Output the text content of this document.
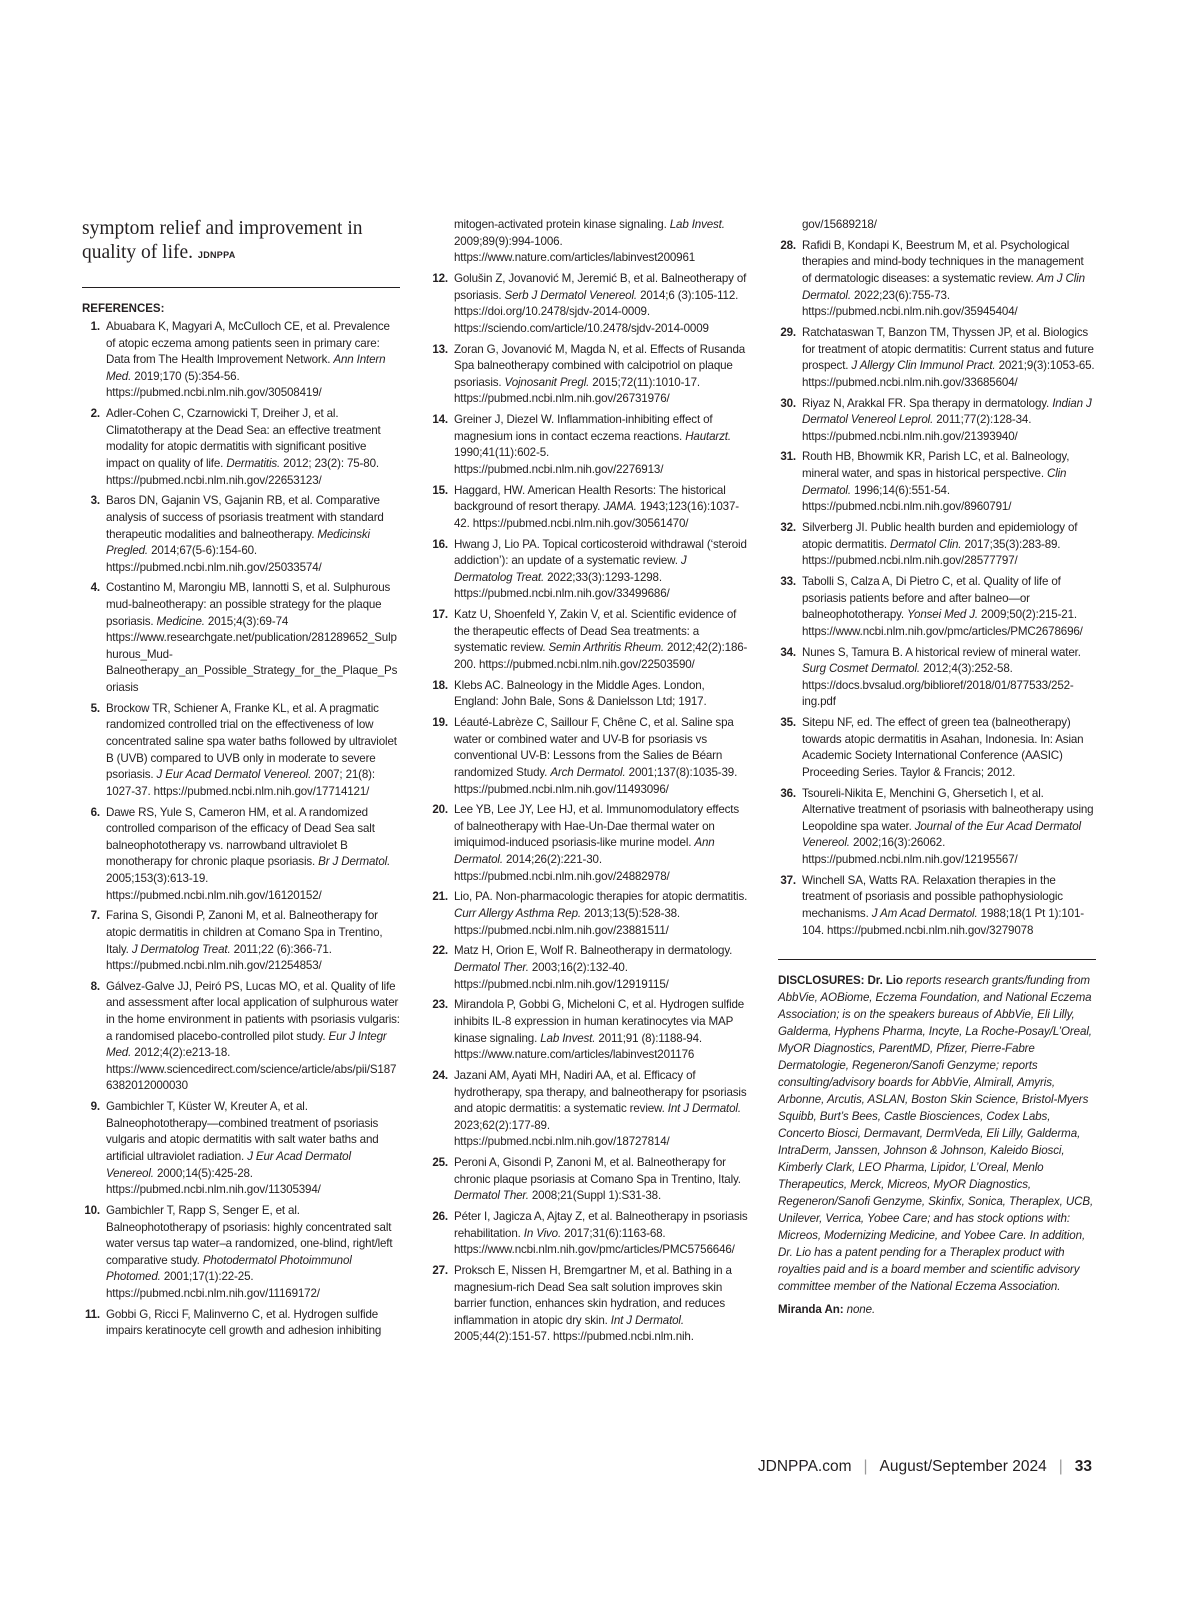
symptom relief and improvement in quality of life. JDNPPA

REFERENCES:
1. Abuabara K, Magyari A, McCulloch CE, et al. Prevalence of atopic eczema among patients seen in primary care: Data from The Health Improvement Network. Ann Intern Med. 2019;170 (5):354-56. https://pubmed.ncbi.nlm.nih.gov/30508419/
2. Adler-Cohen C, Czarnowicki T, Dreiher J, et al. Climatotherapy at the Dead Sea: an effective treatment modality for atopic dermatitis with significant positive impact on quality of life. Dermatitis. 2012; 23(2): 75-80. https://pubmed.ncbi.nlm.nih.gov/22653123/
3. Baros DN, Gajanin VS, Gajanin RB, et al. Comparative analysis of success of psoriasis treatment with standard therapeutic modalities and balneotherapy. Medicinski Pregled. 2014;67(5-6):154-60. https://pubmed.ncbi.nlm.nih.gov/25033574/
4. Costantino M, Marongiu MB, Iannotti S, et al. Sulphurous mud-balneotherapy: an possible strategy for the plaque psoriasis. Medicine. 2015;4(3):69-74 https://www.researchgate.net/publication/281289652_Sulphurous_Mud-Balneotherapy_an_Possible_Strategy_for_the_Plaque_Psoriasis
5. Brockow TR, Schiener A, Franke KL, et al. A pragmatic randomized controlled trial on the effectiveness of low concentrated saline spa water baths followed by ultraviolet B (UVB) compared to UVB only in moderate to severe psoriasis. J Eur Acad Dermatol Venereol. 2007; 21(8): 1027-37. https://pubmed.ncbi.nlm.nih.gov/17714121/
6. Dawe RS, Yule S, Cameron HM, et al. A randomized controlled comparison of the efficacy of Dead Sea salt balneophototherapy vs. narrowband ultraviolet B monotherapy for chronic plaque psoriasis. Br J Dermatol. 2005;153(3):613-19. https://pubmed.ncbi.nlm.nih.gov/16120152/
7. Farina S, Gisondi P, Zanoni M, et al. Balneotherapy for atopic dermatitis in children at Comano Spa in Trentino, Italy. J Dermatolog Treat. 2011;22 (6):366-71. https://pubmed.ncbi.nlm.nih.gov/21254853/
8. Gálvez-Galve JJ, Peiró PS, Lucas MO, et al. Quality of life and assessment after local application of sulphurous water in the home environment in patients with psoriasis vulgaris: a randomised placebo-controlled pilot study. Eur J Integr Med. 2012;4(2):e213-18. https://www.sciencedirect.com/science/article/abs/pii/S1876382012000030
9. Gambichler T, Küster W, Kreuter A, et al. Balneophototherapy—combined treatment of psoriasis vulgaris and atopic dermatitis with salt water baths and artificial ultraviolet radiation. J Eur Acad Dermatol Venereol. 2000;14(5):425-28. https://pubmed.ncbi.nlm.nih.gov/11305394/
10. Gambichler T, Rapp S, Senger E, et al. Balneophototherapy of psoriasis: highly concentrated salt water versus tap water–a randomized, one-blind, right/left comparative study. Photodermatol Photoimmunol Photomed. 2001;17(1):22-25. https://pubmed.ncbi.nlm.nih.gov/11169172/
11. Gobbi G, Ricci F, Malinverno C, et al. Hydrogen sulfide impairs keratinocyte cell growth and adhesion inhibiting
mitogen-activated protein kinase signaling. Lab Invest. 2009;89(9):994-1006. https://www.nature.com/articles/labinvest200961
12. Golušin Z, Jovanović M, Jeremić B, et al. Balneotherapy of psoriasis. Serb J Dermatol Venereol. 2014;6 (3):105-112. https://doi.org/10.2478/sjdv-2014-0009. https://sciendo.com/article/10.2478/sjdv-2014-0009
13. Zoran G, Jovanović M, Magda N, et al. Effects of Rusanda Spa balneotherapy combined with calcipotriol on plaque psoriasis. Vojnosanit Pregl. 2015;72(11):1010-17. https://pubmed.ncbi.nlm.nih.gov/26731976/
14. Greiner J, Diezel W. Inflammation-inhibiting effect of magnesium ions in contact eczema reactions. Hautarzt. 1990;41(11):602-5. https://pubmed.ncbi.nlm.nih.gov/2276913/
15. Haggard, HW. American Health Resorts: The historical background of resort therapy. JAMA. 1943;123(16):1037-42. https://pubmed.ncbi.nlm.nih.gov/30561470/
16. Hwang J, Lio PA. Topical corticosteroid withdrawal (‘steroid addiction’): an update of a systematic review. J Dermatolog Treat. 2022;33(3):1293-1298. https://pubmed.ncbi.nlm.nih.gov/33499686/
17. Katz U, Shoenfeld Y, Zakin V, et al. Scientific evidence of the therapeutic effects of Dead Sea treatments: a systematic review. Semin Arthritis Rheum. 2012;42(2):186-200. https://pubmed.ncbi.nlm.nih.gov/22503590/
18. Klebs AC. Balneology in the Middle Ages. London, England: John Bale, Sons & Danielsson Ltd; 1917.
19. Léauté-Labrèze C, Saillour F, Chêne C, et al. Saline spa water or combined water and UV-B for psoriasis vs conventional UV-B: Lessons from the Salies de Béarn randomized Study. Arch Dermatol. 2001;137(8):1035-39. https://pubmed.ncbi.nlm.nih.gov/11493096/
20. Lee YB, Lee JY, Lee HJ, et al. Immunomodulatory effects of balneotherapy with Hae-Un-Dae thermal water on imiquimod-induced psoriasis-like murine model. Ann Dermatol. 2014;26(2):221-30. https://pubmed.ncbi.nlm.nih.gov/24882978/
21. Lio, PA. Non-pharmacologic therapies for atopic dermatitis. Curr Allergy Asthma Rep. 2013;13(5):528-38. https://pubmed.ncbi.nlm.nih.gov/23881511/
22. Matz H, Orion E, Wolf R. Balneotherapy in dermatology. Dermatol Ther. 2003;16(2):132-40. https://pubmed.ncbi.nlm.nih.gov/12919115/
23. Mirandola P, Gobbi G, Micheloni C, et al. Hydrogen sulfide inhibits IL-8 expression in human keratinocytes via MAP kinase signaling. Lab Invest. 2011;91 (8):1188-94. https://www.nature.com/articles/labinvest201176
24. Jazani AM, Ayati MH, Nadiri AA, et al. Efficacy of hydrotherapy, spa therapy, and balneotherapy for psoriasis and atopic dermatitis: a systematic review. Int J Dermatol. 2023;62(2):177-89. https://pubmed.ncbi.nlm.nih.gov/18727814/
25. Peroni A, Gisondi P, Zanoni M, et al. Balneotherapy for chronic plaque psoriasis at Comano Spa in Trentino, Italy. Dermatol Ther. 2008;21(Suppl 1):S31-38.
26. Péter I, Jagicza A, Ajtay Z, et al. Balneotherapy in psoriasis rehabilitation. In Vivo. 2017;31(6):1163-68. https://www.ncbi.nlm.nih.gov/pmc/articles/PMC5756646/
27. Proksch E, Nissen H, Bremgartner M, et al. Bathing in a magnesium-rich Dead Sea salt solution improves skin barrier function, enhances skin hydration, and reduces inflammation in atopic dry skin. Int J Dermatol. 2005;44(2):151-57. https://pubmed.ncbi.nlm.nih.
gov/15689218/
28. Rafidi B, Kondapi K, Beestrum M, et al. Psychological therapies and mind-body techniques in the management of dermatologic diseases: a systematic review. Am J Clin Dermatol. 2022;23(6):755-73. https://pubmed.ncbi.nlm.nih.gov/35945404/
29. Ratchataswan T, Banzon TM, Thyssen JP, et al. Biologics for treatment of atopic dermatitis: Current status and future prospect. J Allergy Clin Immunol Pract. 2021;9(3):1053-65. https://pubmed.ncbi.nlm.nih.gov/33685604/
30. Riyaz N, Arakkal FR. Spa therapy in dermatology. Indian J Dermatol Venereol Leprol. 2011;77(2):128-34. https://pubmed.ncbi.nlm.nih.gov/21393940/
31. Routh HB, Bhowmik KR, Parish LC, et al. Balneology, mineral water, and spas in historical perspective. Clin Dermatol. 1996;14(6):551-54. https://pubmed.ncbi.nlm.nih.gov/8960791/
32. Silverberg JI. Public health burden and epidemiology of atopic dermatitis. Dermatol Clin. 2017;35(3):283-89. https://pubmed.ncbi.nlm.nih.gov/28577797/
33. Tabolli S, Calza A, Di Pietro C, et al. Quality of life of psoriasis patients before and after balneo—or balneophototherapy. Yonsei Med J. 2009;50(2):215-21. https://www.ncbi.nlm.nih.gov/pmc/articles/PMC2678696/
34. Nunes S, Tamura B. A historical review of mineral water. Surg Cosmet Dermatol. 2012;4(3):252-58. https://docs.bvsalud.org/biblioref/2018/01/877533/252-ing.pdf
35. Sitepu NF, ed. The effect of green tea (balneotherapy) towards atopic dermatitis in Asahan, Indonesia. In: Asian Academic Society International Conference (AASIC) Proceeding Series. Taylor & Francis; 2012.
36. Tsoureli-Nikita E, Menchini G, Ghersetich I, et al. Alternative treatment of psoriasis with balneotherapy using Leopoldine spa water. Journal of the Eur Acad Dermatol Venereol. 2002;16(3):26062. https://pubmed.ncbi.nlm.nih.gov/12195567/
37. Winchell SA, Watts RA. Relaxation therapies in the treatment of psoriasis and possible pathophysiologic mechanisms. J Am Acad Dermatol. 1988;18(1 Pt 1):101-104. https://pubmed.ncbi.nlm.nih.gov/3279078

DISCLOSURES: Dr. Lio reports research grants/funding from AbbVie, AOBiome, Eczema Foundation, and National Eczema Association; is on the speakers bureaus of AbbVie, Eli Lilly, Galderma, Hyphens Pharma, Incyte, La Roche-Posay/L’Oreal, MyOR Diagnostics, ParentMD, Pfizer, Pierre-Fabre Dermatologie, Regeneron/Sanofi Genzyme; reports consulting/advisory boards for AbbVie, Almirall, Amyris, Arbonne, Arcutis, ASLAN, Boston Skin Science, Bristol-Myers Squibb, Burt’s Bees, Castle Biosciences, Codex Labs, Concerto Biosci, Dermavant, DermVeda, Eli Lilly, Galderma, IntraDerm, Janssen, Johnson & Johnson, Kaleido Biosci, Kimberly Clark, LEO Pharma, Lipidor, L’Oreal, Menlo Therapeutics, Merck, Micreos, MyOR Diagnostics, Regeneron/Sanofi Genzyme, Skinfix, Sonica, Theraplex, UCB, Unilever, Verrica, Yobee Care; and has stock options with: Micreos, Modernizing Medicine, and Yobee Care. In addition, Dr. Lio has a patent pending for a Theraplex product with royalties paid and is a board member and scientific advisory committee member of the National Eczema Association.

Miranda An: none.

JDNPPA.com | August/September 2024 | 33
